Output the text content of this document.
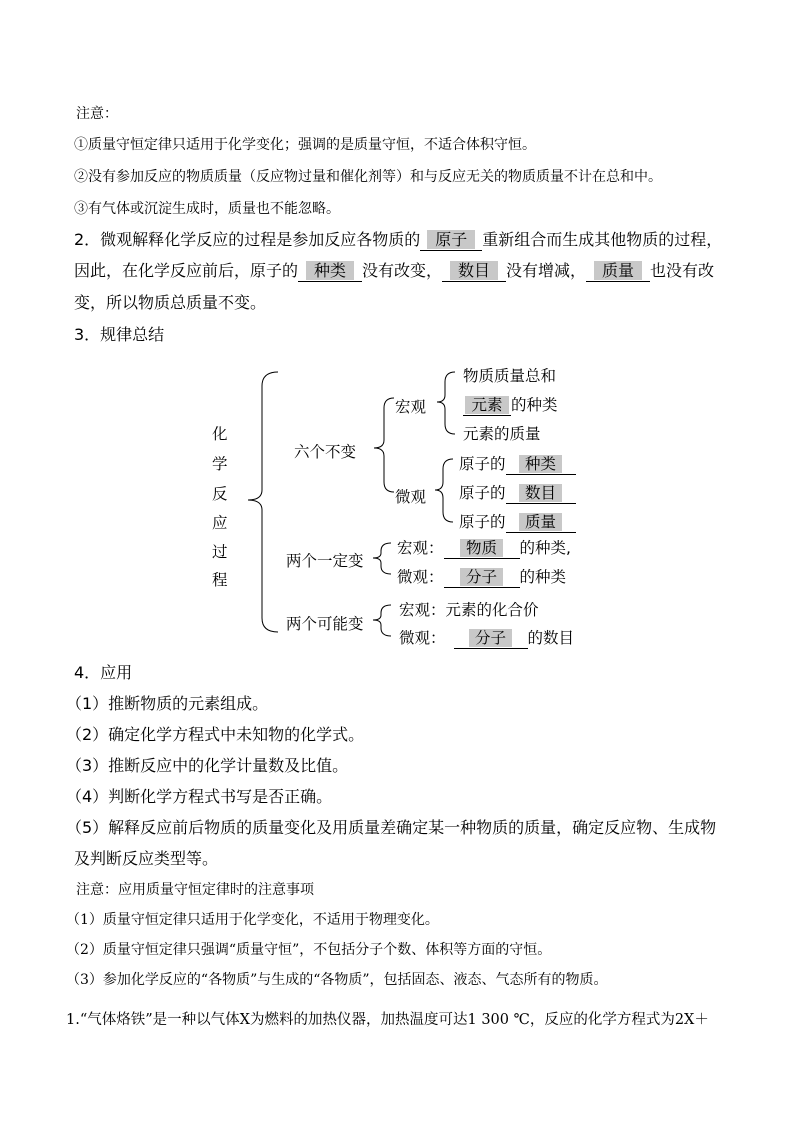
注意：
①质量守恒定律只适用于化学变化；强调的是质量守恒，不适合体积守恒。
②没有参加反应的物质质量（反应物过量和催化剂等）和与反应无关的物质质量不计在总和中。
③有气体或沉淀生成时，质量也不能忽略。
2．微观解释化学反应的过程是参加反应各物质的 原子 重新组合而生成其他物质的过程，
因此，在化学反应前后，原子的 种类 没有改变， 数目 没有增减， 质量 也没有改
变，所以物质总质量不变。
3．规律总结
化
学
反
应
过
程
六个不变
宏观
物质质量总和
元素 的种类
元素的质量
微观
原子的 种类
原子的 数目
原子的 质量
两个一定变
宏观： 物质 的种类,
微观： 分子 的种类
两个可能变
宏观：元素的化合价
微观： 分子 的数目
4．应用
（1）推断物质的元素组成。
（2）确定化学方程式中未知物的化学式。
（3）推断反应中的化学计量数及比值。
（4）判断化学方程式书写是否正确。
（5）解释反应前后物质的质量变化及用质量差确定某一种物质的质量，确定反应物、生成物
及判断反应类型等。
注意：应用质量守恒定律时的注意事项
（1）质量守恒定律只适用于化学变化，不适用于物理变化。
（2）质量守恒定律只强调“质量守恒”，不包括分子个数、体积等方面的守恒。
（3）参加化学反应的“各物质”与生成的“各物质”，包括固态、液态、气态所有的物质。
1.“气体烙铁”是一种以气体X为燃料的加热仪器，加热温度可达1 300 ℃，反应的化学方程式为2X＋
